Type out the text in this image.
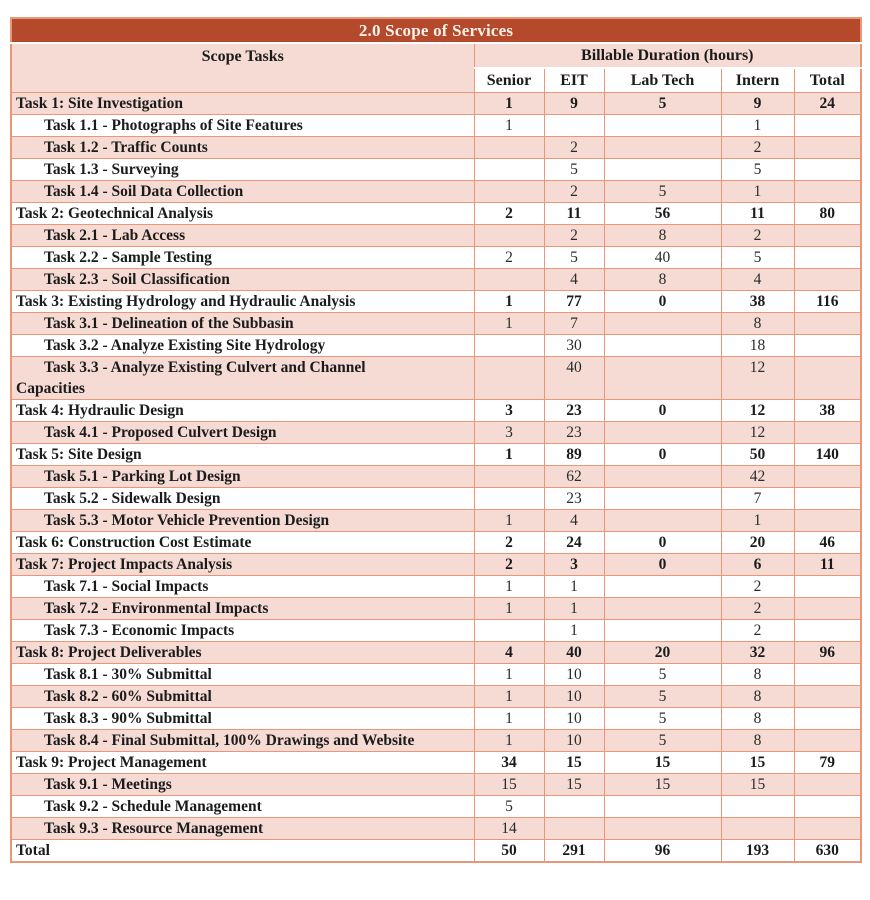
2.0 Scope of Services					
Scope Tasks	Billable Duration (hours)				
	Senior	EIT	Lab Tech	Intern	Total
Task 1: Site Investigation	1	9	5	9	24
Task 1.1 - Photographs of Site Features	1			1	
Task 1.2 - Traffic Counts		2		2	
Task 1.3 - Surveying		5		5	
Task 1.4 - Soil Data Collection		2	5	1	
Task 2: Geotechnical Analysis	2	11	56	11	80
Task 2.1 - Lab Access		2	8	2	
Task 2.2 - Sample Testing	2	5	40	5	
Task 2.3 - Soil Classification		4	8	4	
Task 3: Existing Hydrology and Hydraulic Analysis	1	77	0	38	116
Task 3.1 - Delineation of the Subbasin	1	7		8	
Task 3.2 - Analyze Existing Site Hydrology		30		18	
Task 3.3 - Analyze Existing Culvert and Channel Capacities		40		12	
Task 4: Hydraulic Design	3	23	0	12	38
Task 4.1 - Proposed Culvert Design	3	23		12	
Task 5: Site Design	1	89	0	50	140
Task 5.1 - Parking Lot Design		62		42	
Task 5.2 - Sidewalk Design		23		7	
Task 5.3 - Motor Vehicle Prevention Design	1	4		1	
Task 6: Construction Cost Estimate	2	24	0	20	46
Task 7: Project Impacts Analysis	2	3	0	6	11
Task 7.1 - Social Impacts	1	1		2	
Task 7.2 - Environmental Impacts	1	1		2	
Task 7.3 - Economic Impacts		1		2	
Task 8: Project Deliverables	4	40	20	32	96
Task 8.1 - 30% Submittal	1	10	5	8	
Task 8.2 - 60% Submittal	1	10	5	8	
Task 8.3 - 90% Submittal	1	10	5	8	
Task 8.4 - Final Submittal, 100% Drawings and Website	1	10	5	8	
Task 9: Project Management	34	15	15	15	79
Task 9.1 - Meetings	15	15	15	15	
Task 9.2 - Schedule Management	5				
Task 9.3 - Resource Management	14				
Total	50	291	96	193	630
